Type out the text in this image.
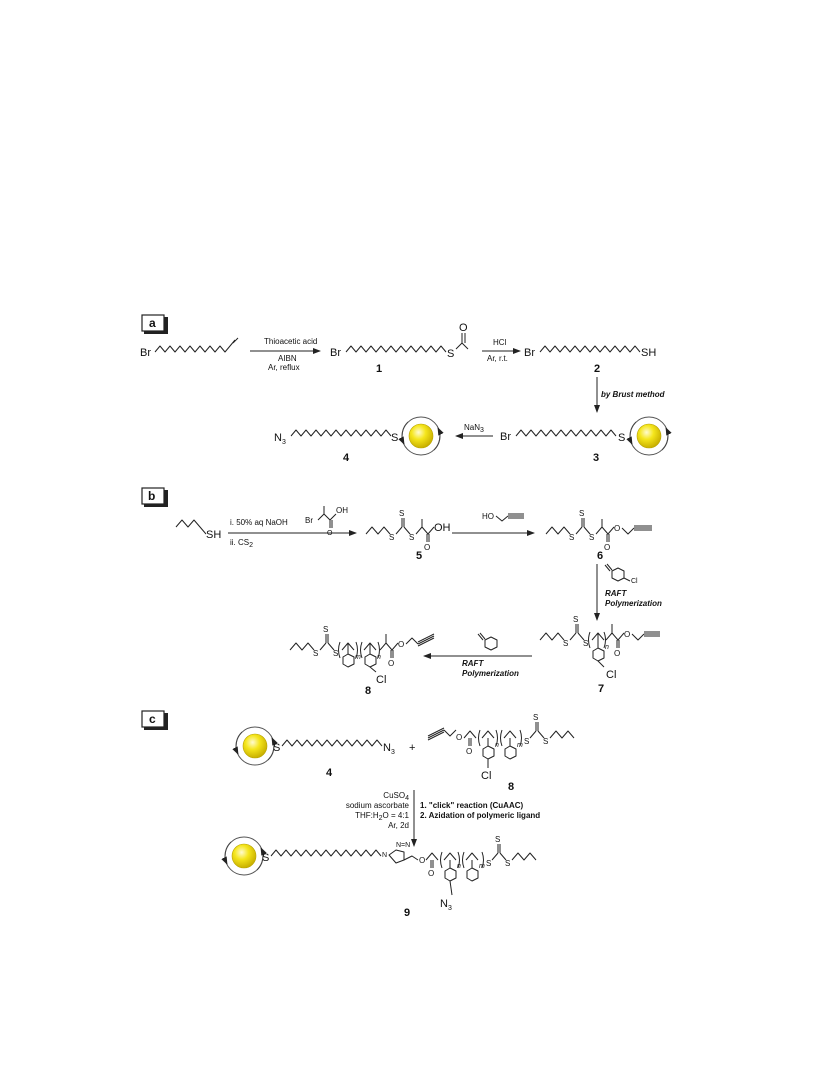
a
Br
Thioacetic acid
AIBN
Ar, reflux
Br	S
O
1
HCl
Ar, r.t. Br	SH
2
by Brust method
Br	S
3
NaN3
$N_3$	S
4
b
SH
i. 50% aq NaOH
ii. CS2
Br
O
OH
S
S
S
O
OH
5
HO
S
S
S
O
O
6
Cl
RAFT
Polymerization
S
S
S
Cl
n
O
O
7
RAFT
Polymerization
S
S
S m
Cl
n
O
O
8
c
S	$N_3$ +
4
O
O
Cl
n	m S
S
S
8
CuSO4
sodium ascorbate
THF:H2O = 4:1
Ar, 2d
1. "click" reaction (CuAAC)
2. Azidation of polymeric ligand
S	N
N=N
O
O
$N_3$
n	m S
S
S
9
